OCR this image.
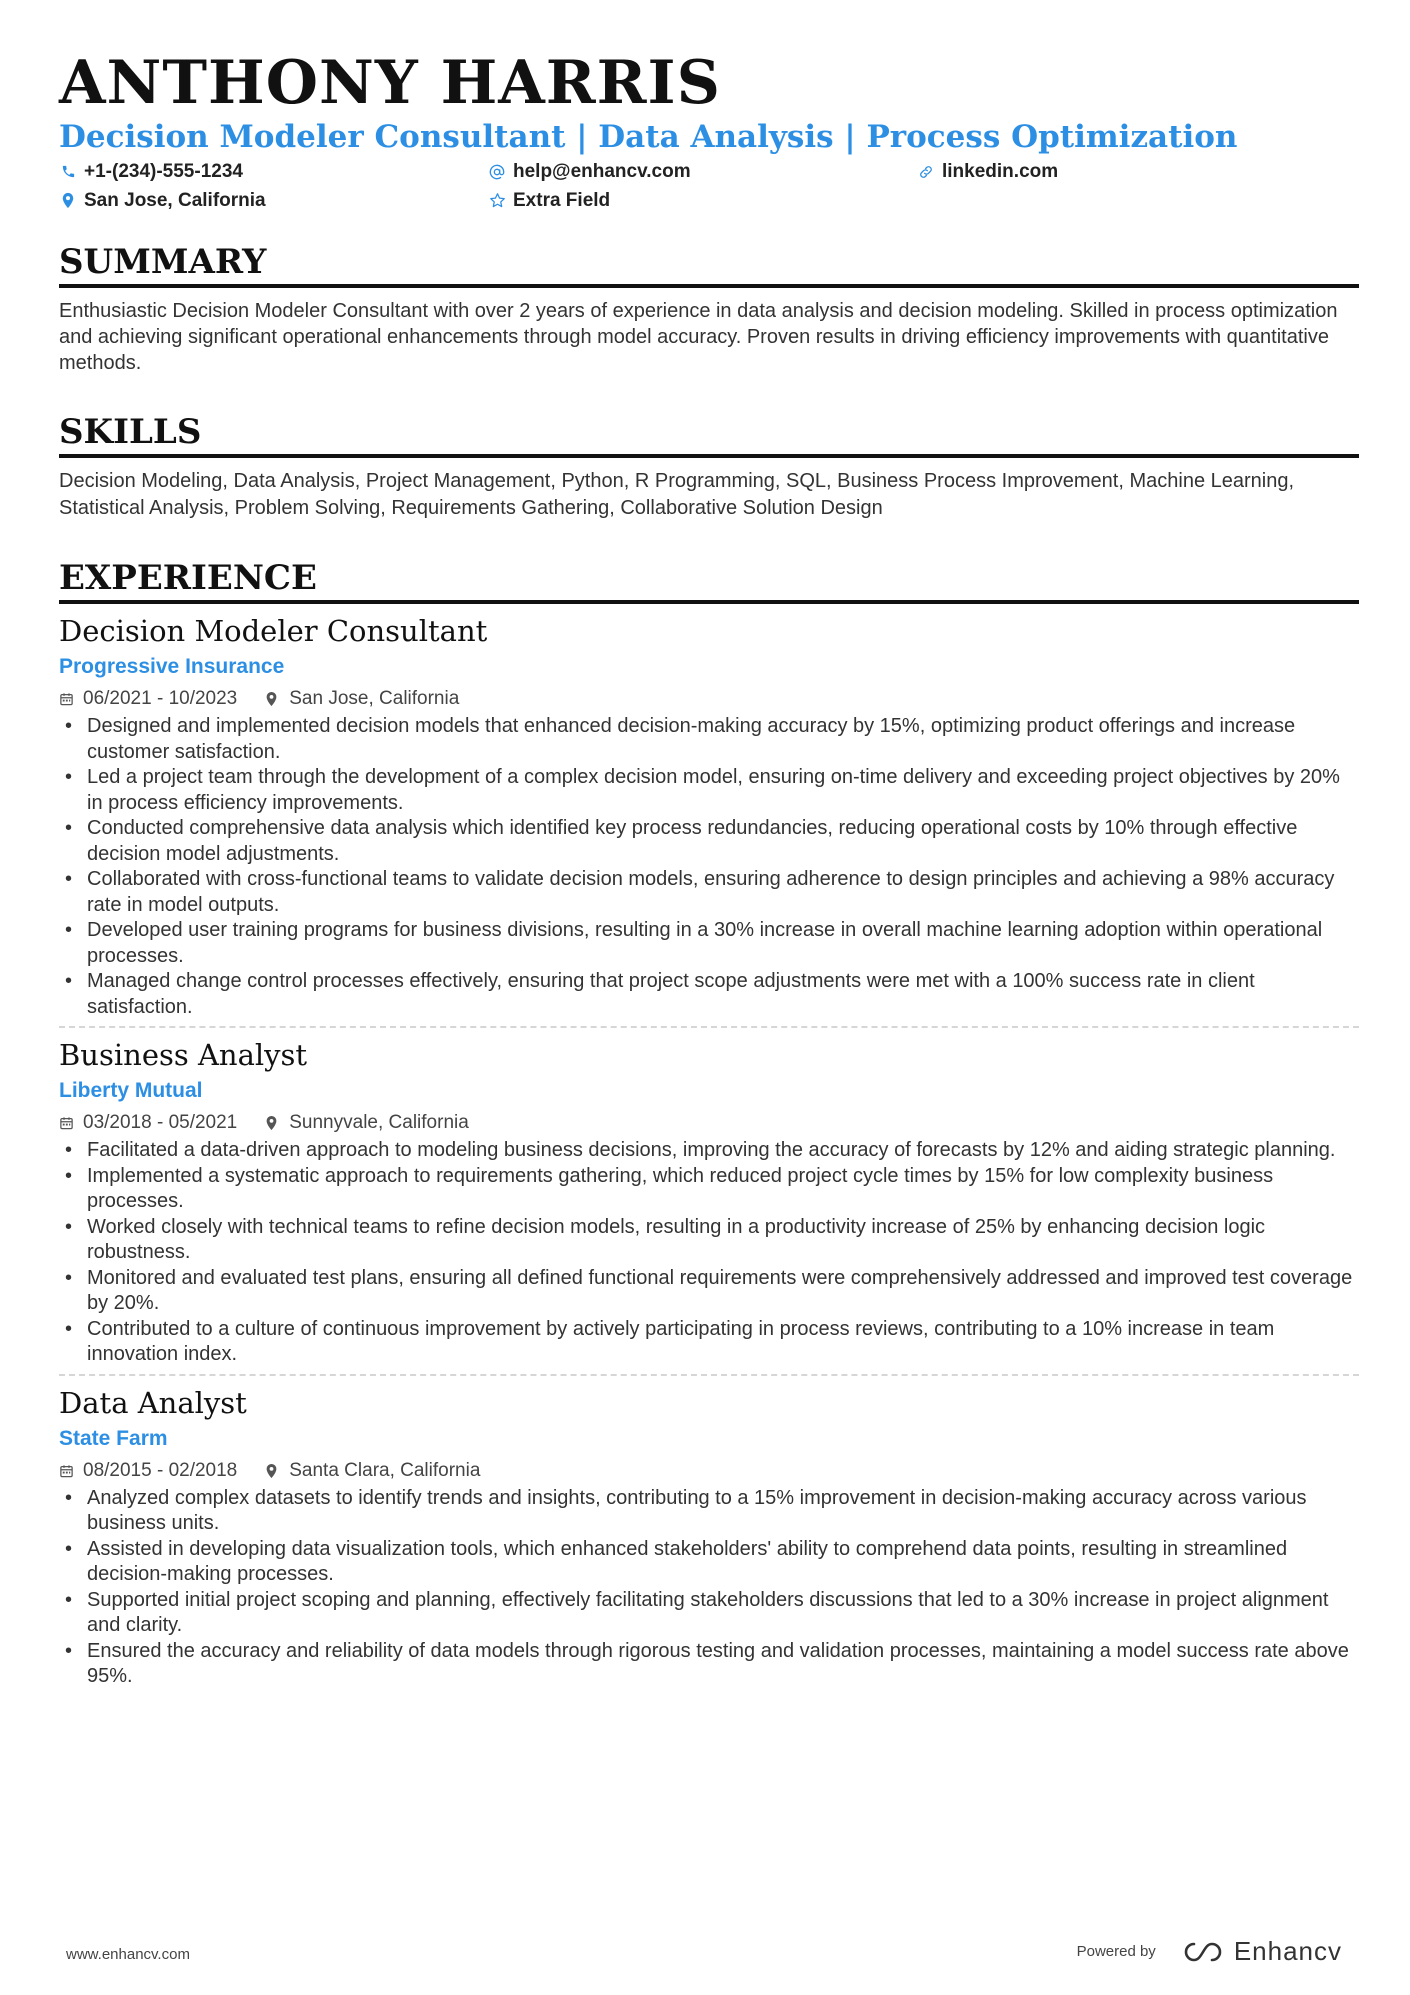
ANTHONY HARRIS
Decision Modeler Consultant | Data Analysis | Process Optimization
+1-(234)-555-1234	help@enhancv.com	linkedin.com
San Jose, California	Extra Field
SUMMARY
Enthusiastic Decision Modeler Consultant with over 2 years of experience in data analysis and decision modeling. Skilled in process optimization and achieving significant operational enhancements through model accuracy. Proven results in driving efficiency improvements with quantitative methods.
SKILLS
Decision Modeling, Data Analysis, Project Management, Python, R Programming, SQL, Business Process Improvement, Machine Learning, Statistical Analysis, Problem Solving, Requirements Gathering, Collaborative Solution Design
EXPERIENCE
Decision Modeler Consultant
Progressive Insurance
06/2021 - 10/2023	San Jose, California
• Designed and implemented decision models that enhanced decision-making accuracy by 15%, optimizing product offerings and increase customer satisfaction.
• Led a project team through the development of a complex decision model, ensuring on-time delivery and exceeding project objectives by 20% in process efficiency improvements.
• Conducted comprehensive data analysis which identified key process redundancies, reducing operational costs by 10% through effective decision model adjustments.
• Collaborated with cross-functional teams to validate decision models, ensuring adherence to design principles and achieving a 98% accuracy rate in model outputs.
• Developed user training programs for business divisions, resulting in a 30% increase in overall machine learning adoption within operational processes.
• Managed change control processes effectively, ensuring that project scope adjustments were met with a 100% success rate in client satisfaction.
Business Analyst
Liberty Mutual
03/2018 - 05/2021	Sunnyvale, California
• Facilitated a data-driven approach to modeling business decisions, improving the accuracy of forecasts by 12% and aiding strategic planning.
• Implemented a systematic approach to requirements gathering, which reduced project cycle times by 15% for low complexity business processes.
• Worked closely with technical teams to refine decision models, resulting in a productivity increase of 25% by enhancing decision logic robustness.
• Monitored and evaluated test plans, ensuring all defined functional requirements were comprehensively addressed and improved test coverage by 20%.
• Contributed to a culture of continuous improvement by actively participating in process reviews, contributing to a 10% increase in team innovation index.
Data Analyst
State Farm
08/2015 - 02/2018	Santa Clara, California
• Analyzed complex datasets to identify trends and insights, contributing to a 15% improvement in decision-making accuracy across various business units.
• Assisted in developing data visualization tools, which enhanced stakeholders' ability to comprehend data points, resulting in streamlined decision-making processes.
• Supported initial project scoping and planning, effectively facilitating stakeholders discussions that led to a 30% increase in project alignment and clarity.
• Ensured the accuracy and reliability of data models through rigorous testing and validation processes, maintaining a model success rate above 95%.
www.enhancv.com	Powered by	Enhancv
